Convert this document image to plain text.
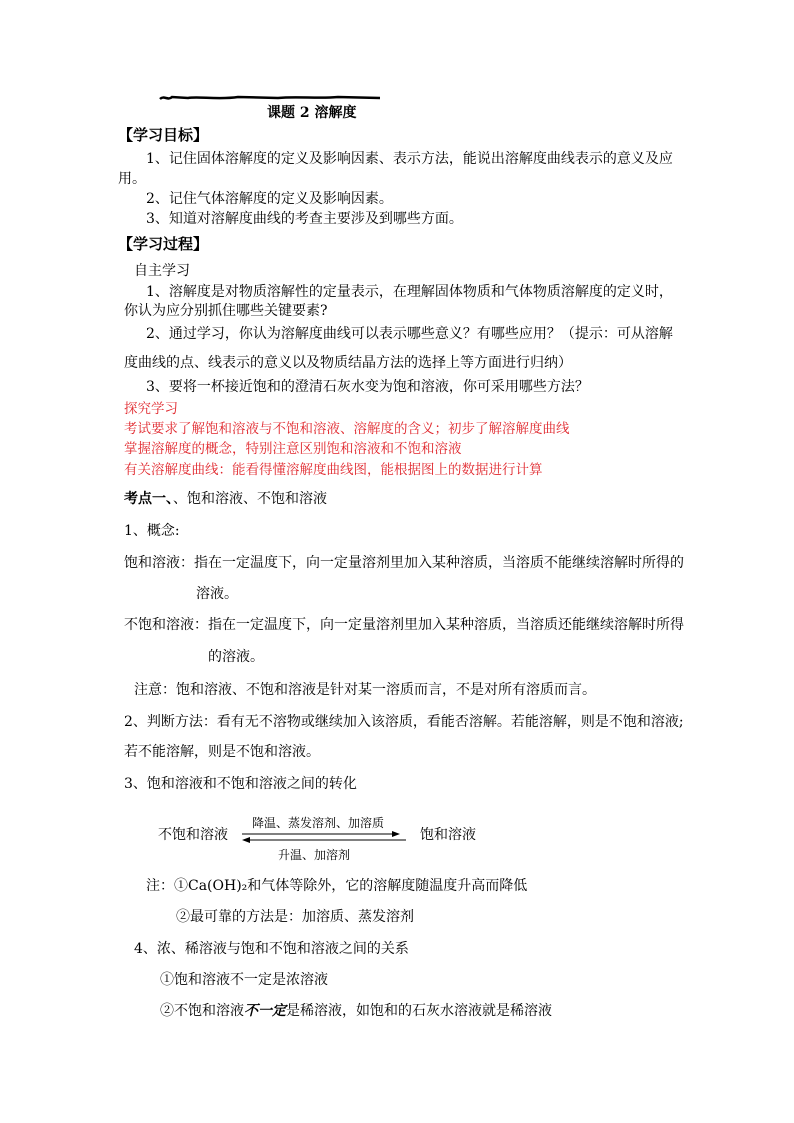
课题 2 溶解度
【学习目标】
1、记住固体溶解度的定义及影响因素、表示方法，能说出溶解度曲线表示的意义及应
用。
2、记住气体溶解度的定义及影响因素。
3、知道对溶解度曲线的考查主要涉及到哪些方面。
【学习过程】
自主学习
1、溶解度是对物质溶解性的定量表示，在理解固体物质和气体物质溶解度的定义时，
你认为应分别抓住哪些关键要素?
2、通过学习，你认为溶解度曲线可以表示哪些意义？有哪些应用？（提示：可从溶解
度曲线的点、线表示的意义以及物质结晶方法的选择上等方面进行归纳）
3、要将一杯接近饱和的澄清石灰水变为饱和溶液，你可采用哪些方法？
探究学习
考试要求了解饱和溶液与不饱和溶液、溶解度的含义；初步了解溶解度曲线
掌握溶解度的概念，特别注意区别饱和溶液和不饱和溶液
有关溶解度曲线：能看得懂溶解度曲线图，能根据图上的数据进行计算
考点一、、饱和溶液、不饱和溶液
1、概念:
饱和溶液：指在一定温度下，向一定量溶剂里加入某种溶质，当溶质不能继续溶解时所得的
溶液。
不饱和溶液：指在一定温度下，向一定量溶剂里加入某种溶质，当溶质还能继续溶解时所得
的溶液。
注意：饱和溶液、不饱和溶液是针对某一溶质而言，不是对所有溶质而言。
2、判断方法：看有无不溶物或继续加入该溶质，看能否溶解。若能溶解，则是不饱和溶液;
若不能溶解，则是不饱和溶液。
3、饱和溶液和不饱和溶液之间的转化
不饱和溶液	饱和溶液
降温、蒸发溶剂、加溶质
升温、加溶剂
注：①Ca(OH)₂和气体等除外，它的溶解度随温度升高而降低
②最可靠的方法是：加溶质、蒸发溶剂
4、浓、稀溶液与饱和不饱和溶液之间的关系
①饱和溶液不一定是浓溶液
②不饱和溶液不一定是稀溶液，如饱和的石灰水溶液就是稀溶液
